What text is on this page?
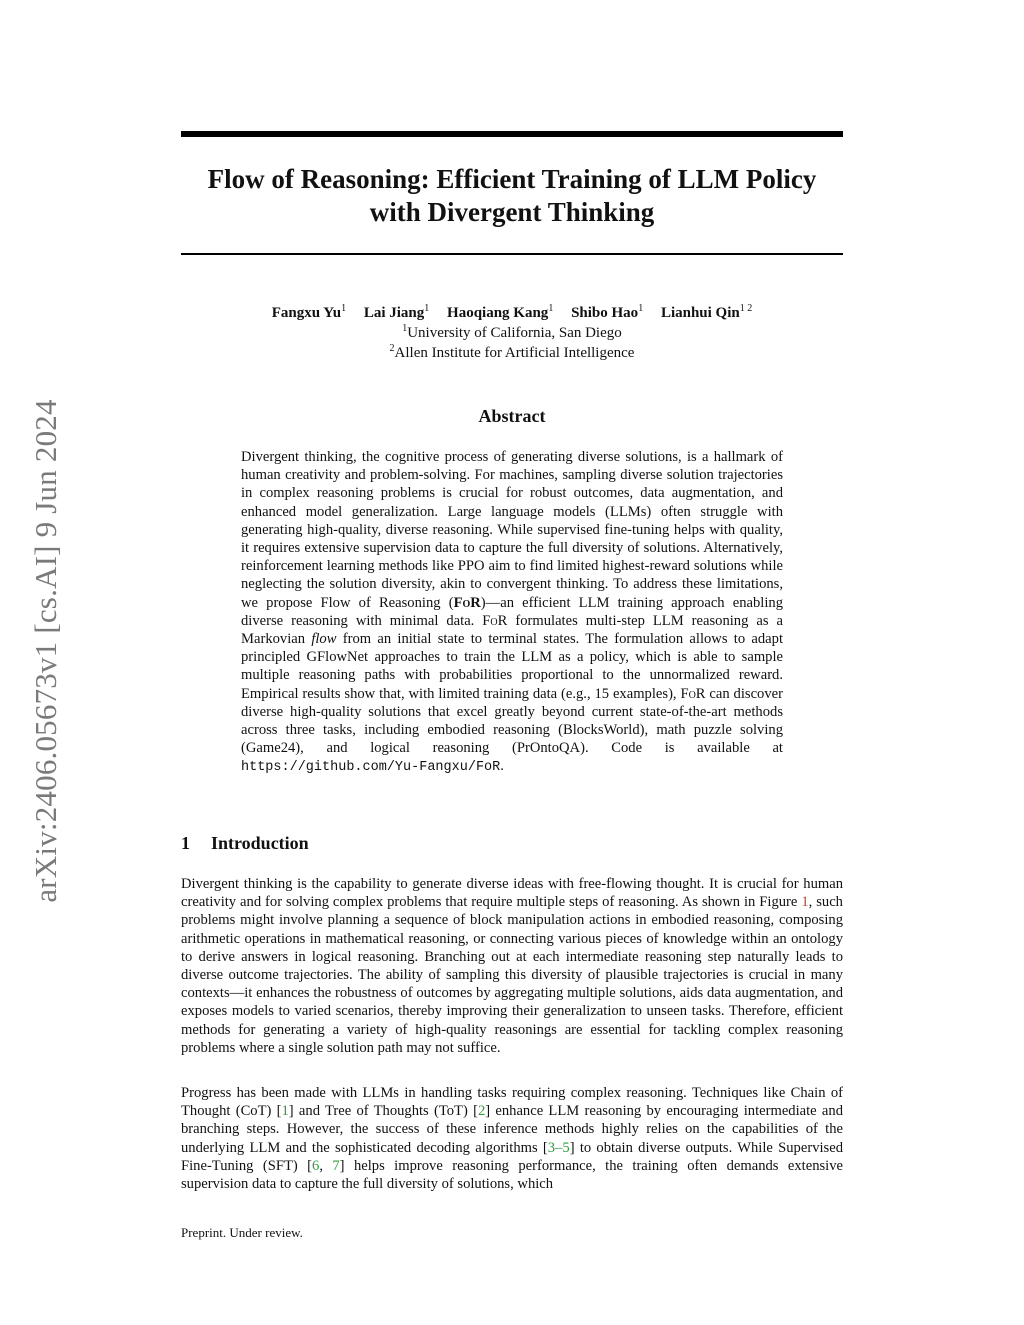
arXiv:2406.05673v1 [cs.AI] 9 Jun 2024
Flow of Reasoning: Efficient Training of LLM Policy
with Divergent Thinking
Fangxu Yu$^1$ Lai Jiang$^1$ Haoqiang Kang$^1$ Shibo Hao$^1$ Lianhui Qin$^{1 2}$
$^1$University of California, San Diego
$^2$Allen Institute for Artificial Intelligence
Abstract

Divergent thinking, the cognitive process of generating diverse solutions, is a hallmark of human creativity and problem-solving. For machines, sampling diverse solution trajectories in complex reasoning problems is crucial for robust outcomes, data augmentation, and enhanced model generalization. Large language models (LLMs) often struggle with generating high-quality, diverse reasoning. While supervised fine-tuning helps with quality, it requires extensive supervision data to capture the full diversity of solutions. Alternatively, reinforcement learning methods like PPO aim to find limited highest-reward solutions while neglecting the solution diversity, akin to convergent thinking. To address these limitations, we propose Flow of Reasoning (FoR)—an efficient LLM training approach enabling diverse reasoning with minimal data. FoR formulates multi-step LLM reasoning as a Markovian flow from an initial state to terminal states. The formulation allows to adapt principled GFlowNet approaches to train the LLM as a policy, which is able to sample multiple reasoning paths with probabilities proportional to the unnormalized reward. Empirical results show that, with limited training data (e.g., 15 examples), FoR can discover diverse high-quality solutions that excel greatly beyond current state-of-the-art methods across three tasks, including embodied reasoning (BlocksWorld), math puzzle solving (Game24), and logical reasoning (PrOntoQA). Code is available at https://github.com/Yu-Fangxu/FoR.

1 Introduction

Divergent thinking is the capability to generate diverse ideas with free-flowing thought. It is crucial for human creativity and for solving complex problems that require multiple steps of reasoning. As shown in Figure 1, such problems might involve planning a sequence of block manipulation actions in embodied reasoning, composing arithmetic operations in mathematical reasoning, or connecting various pieces of knowledge within an ontology to derive answers in logical reasoning. Branching out at each intermediate reasoning step naturally leads to diverse outcome trajectories. The ability of sampling this diversity of plausible trajectories is crucial in many contexts—it enhances the robustness of outcomes by aggregating multiple solutions, aids data augmentation, and exposes models to varied scenarios, thereby improving their generalization to unseen tasks. Therefore, efficient methods for generating a variety of high-quality reasonings are essential for tackling complex reasoning problems where a single solution path may not suffice.

Progress has been made with LLMs in handling tasks requiring complex reasoning. Techniques like Chain of Thought (CoT) [1] and Tree of Thoughts (ToT) [2] enhance LLM reasoning by encouraging intermediate and branching steps. However, the success of these inference methods highly relies on the capabilities of the underlying LLM and the sophisticated decoding algorithms [3–5] to obtain diverse outputs. While Supervised Fine-Tuning (SFT) [6, 7] helps improve reasoning performance, the training often demands extensive supervision data to capture the full diversity of solutions, which

Preprint. Under review.
